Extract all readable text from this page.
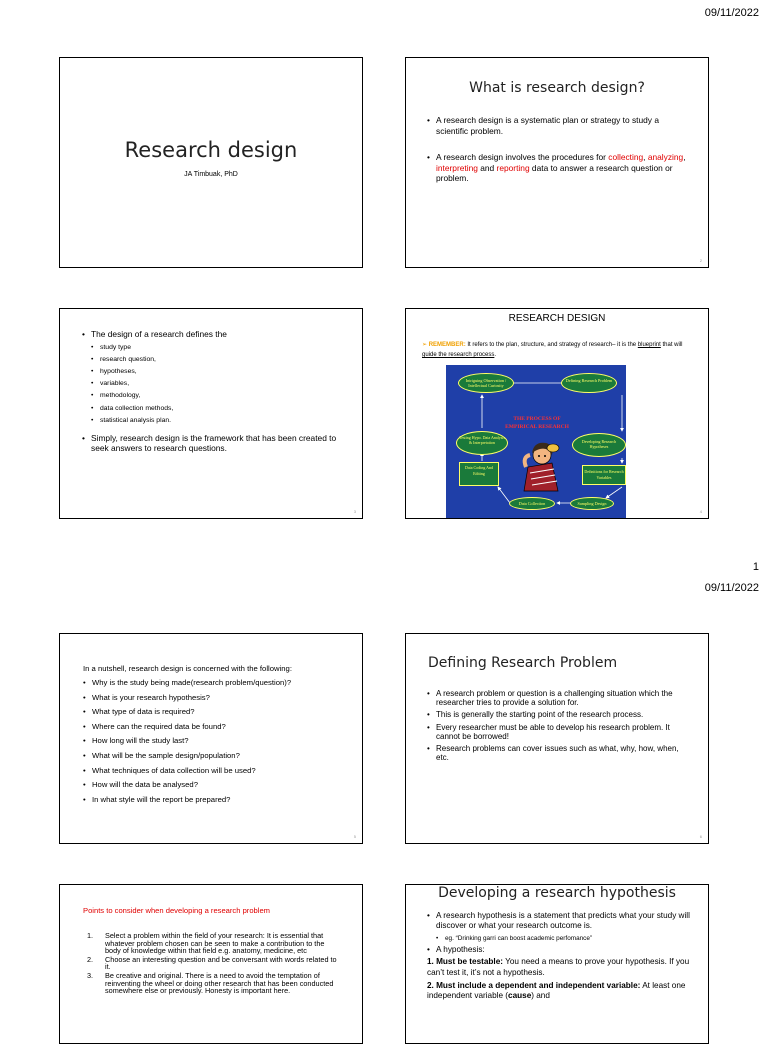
09/11/2022
Research design
JA Timbuak, PhD
What is research design?
• A research design is a systematic plan or strategy to study a scientific problem.
• A research design involves the procedures for collecting, analyzing, interpreting and reporting data to answer a research question or problem.
2
• The design of a research defines the
• study type
• research question,
• hypotheses,
• variables,
• methodology,
• data collection methods,
• statistical analysis plan.
• Simply, research design is the framework that has been created to seek answers to research questions.
3
RESEARCH DESIGN
➢ REMEMBER: It refers to the plan, structure, and strategy of research– it is the blueprint that will guide the research process.
Intriguing Observation / Intellectual Curiosity
Defining Research Problem
THE PROCESS OF EMPIRICAL RESEARCH
Testing Hypo. Data Analysis & Interpretation	Developing Research Hypotheses
Data Coding And Editing	Definitions for Research Variables
Data Collection	Sampling Design
4
1
09/11/2022
In a nutshell, research design is concerned with the following:
• Why is the study being made(research problem/question)?
• What is your research hypothesis?
• What type of data is required?
• Where can the required data be found?
• How long will the study last?
• What will be the sample design/population?
• What techniques of data collection will be used?
• How will the data be analysed?
• In what style will the report be prepared?
5
Defining Research Problem
• A research problem or question is a challenging situation which the researcher tries to provide a solution for.
• This is generally the starting point of the research process.
• Every researcher must be able to develop his research problem. It cannot be borrowed!
• Research problems can cover issues such as what, why, how, when, etc.
6
Points to consider when developing a research problem
1. Select a problem within the field of your research: It is essential that whatever problem chosen can be seen to make a contribution to the body of knowledge within that field e.g. anatomy, medicine, etc
2. Choose an interesting question and be conversant with words related to it.
3. Be creative and original. There is a need to avoid the temptation of reinventing the wheel or doing other research that has been conducted somewhere else or previously. Honesty is important here.
Developing a research hypothesis
• A research hypothesis is a statement that predicts what your study will discover or what your research outcome is.
• eg. “Drinking garri can boost academic perfomance”
• A hypothesis:
1. Must be testable: You need a means to prove your hypothesis. If you can’t test it, it’s not a hypothesis.
2. Must include a dependent and independent variable: At least one independent variable (cause) and
